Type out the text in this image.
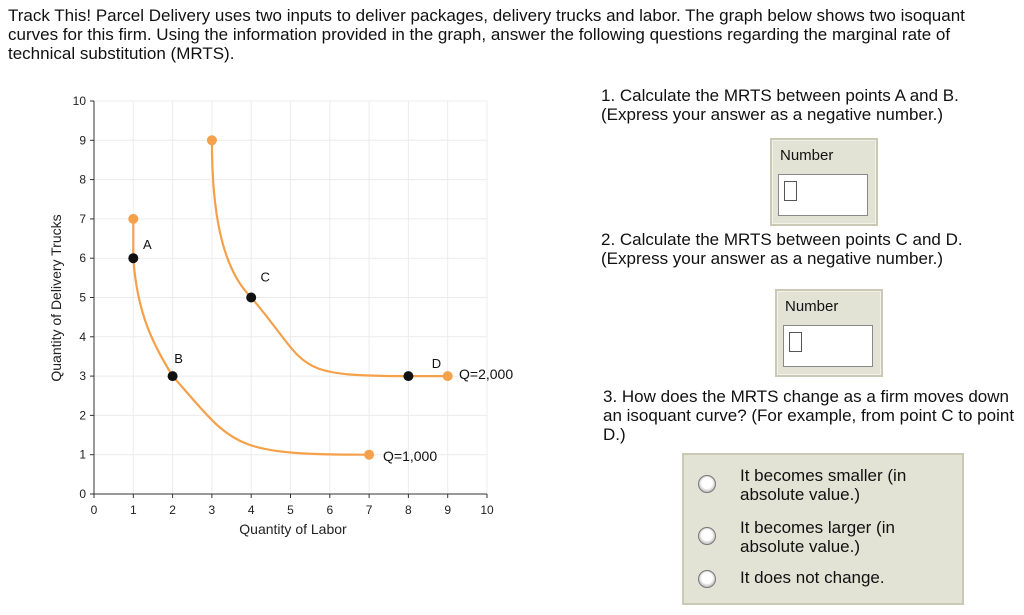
Track This! Parcel Delivery uses two inputs to deliver packages, delivery trucks and labor. The graph below shows two isoquant curves for this firm. Using the information provided in the graph, answer the following questions regarding the marginal rate of technical substitution (MRTS).
A
B
C
D
0	1	2	3	4	5	6	7	8	9 10
0
1
2
3
4
5
6
7
8
9
10
Quantity of Labor
Quantity of Delivery Trucks
Q=1,000
Q=2,000
1. Calculate the MRTS between points A and B. (Express your answer as a negative number.)
Number
2. Calculate the MRTS between points C and D. (Express your answer as a negative number.)
Number
3. How does the MRTS change as a firm moves down an isoquant curve? (For example, from point C to point D.)
It becomes smaller (in absolute value.)
It becomes larger (in absolute value.)
It does not change.
